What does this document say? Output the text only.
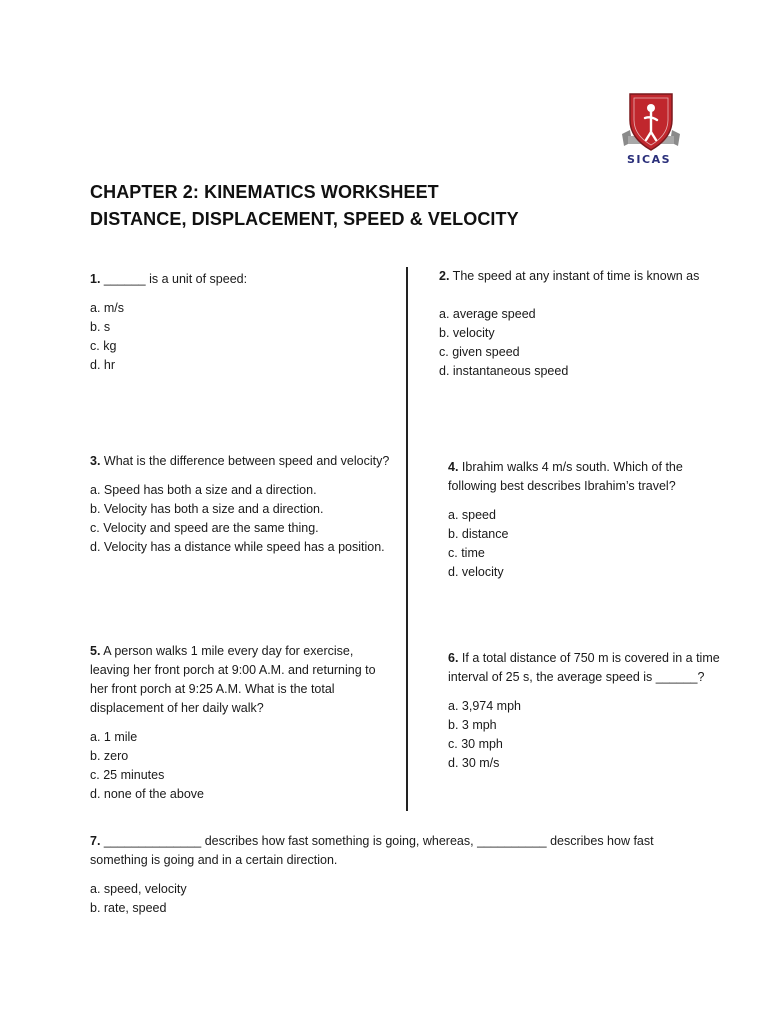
SICAS
CHAPTER 2: KINEMATICS WORKSHEET
DISTANCE, DISPLACEMENT, SPEED & VELOCITY

1. ______ is a unit of speed:

a. m/s
b. s
c. kg
d. hr

2. The speed at any instant of time is known as

a. average speed
b. velocity
c. given speed
d. instantaneous speed

3. What is the difference between speed and velocity?

a. Speed has both a size and a direction.
b. Velocity has both a size and a direction.
c. Velocity and speed are the same thing.
d. Velocity has a distance while speed has a position.

4. Ibrahim walks 4 m/s south. Which of the following best describes Ibrahim’s travel?

a. speed
b. distance
c. time
d. velocity

5. A person walks 1 mile every day for exercise, leaving her front porch at 9:00 A.M. and returning to her front porch at 9:25 A.M. What is the total displacement of her daily walk?

a. 1 mile
b. zero
c. 25 minutes
d. none of the above

6. If a total distance of 750 m is covered in a time interval of 25 s, the average speed is ______?

a. 3,974 mph
b. 3 mph
c. 30 mph
d. 30 m/s

7. ______________ describes how fast something is going, whereas, __________ describes how fast something is going and in a certain direction.

a. speed, velocity
b. rate, speed
